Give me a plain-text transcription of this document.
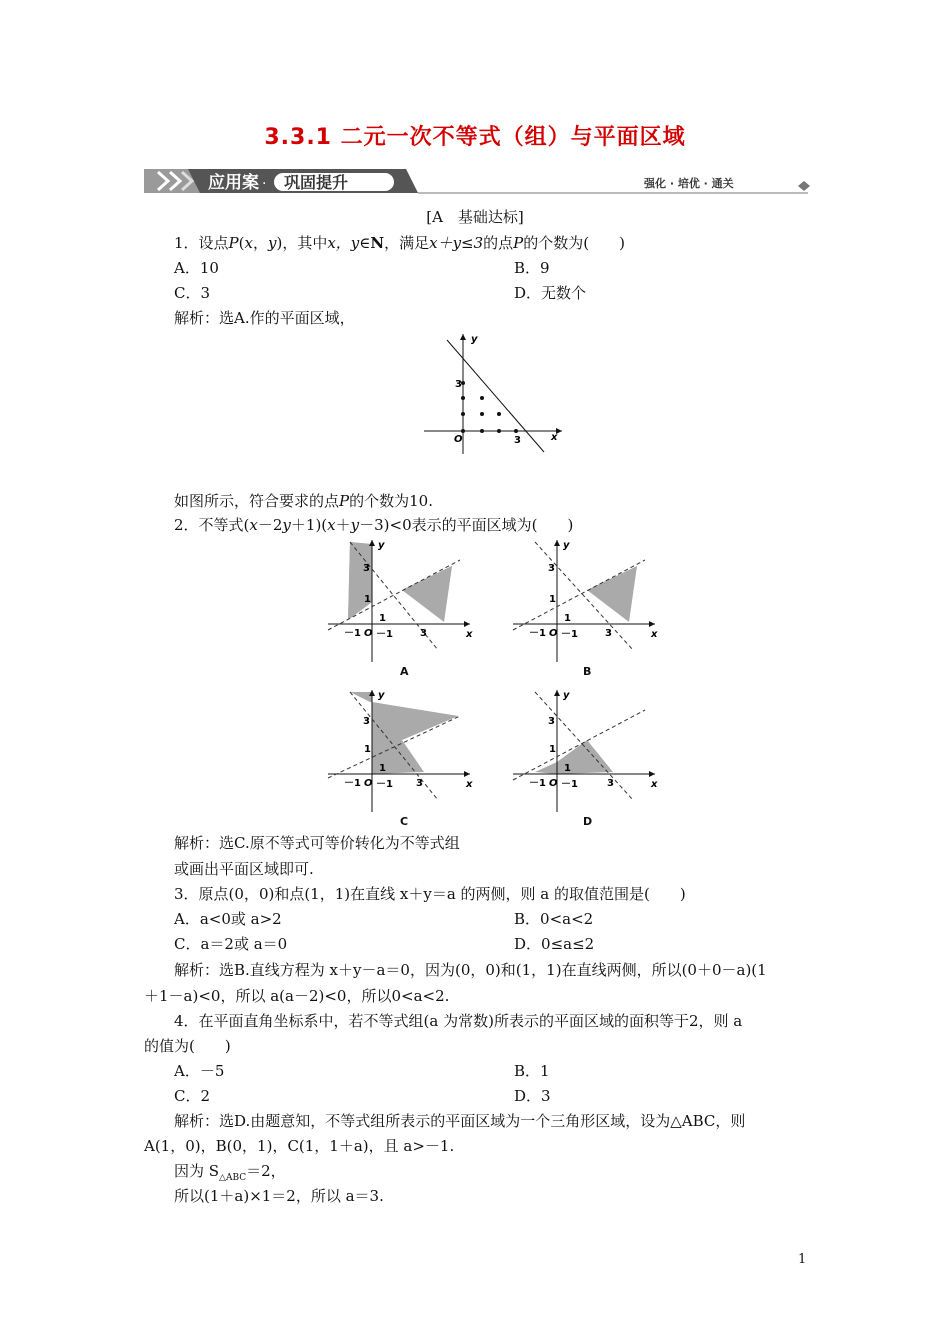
3.3.1 二元一次不等式（组）与平面区域
应用案 · 巩固提升	强化 · 培优 · 通关
[A　基础达标]
1．设点P(x，y)，其中x，y∈N，满足x＋y≤3的点P的个数为(　　)
A．10	B．9
C．3	D．无数个
解析：选A.作的平面区域，
y
x
O
3
3
如图所示，符合要求的点P的个数为10.
2．不等式(x－2y＋1)(x＋y－3)<0表示的平面区域为(　　)
y
x
3
1
－1 O
1
－1	3
A
y
x
3
1
－1 O
1
－1	3
B
y
x
3
1
－1 O
1
－1 3
C
y
x
3
1
－1 O
1
－1	3
D
解析：选C.原不等式可等价转化为不等式组
或画出平面区域即可.
3．原点(0，0)和点(1，1)在直线 x＋y＝a 的两侧，则 a 的取值范围是(　　)
A．a<0或 a>2	B．0<a<2
C．a＝2或 a＝0	D．0≤a≤2
解析：选B.直线方程为 x＋y－a＝0，因为(0，0)和(1，1)在直线两侧，所以(0＋0－a)(1
＋1－a)<0，所以 a(a－2)<0，所以0<a<2.
4．在平面直角坐标系中，若不等式组(a 为常数)所表示的平面区域的面积等于2，则 a
的值为(　　)
A．－5	B．1
C．2	D．3
解析：选D.由题意知，不等式组所表示的平面区域为一个三角形区域，设为△ABC，则
A(1，0)，B(0，1)，C(1，1＋a)，且 a>－1.
因为 $S_{\triangle ABC}=2$，
所以(1＋a)×1＝2，所以 a＝3.
1
